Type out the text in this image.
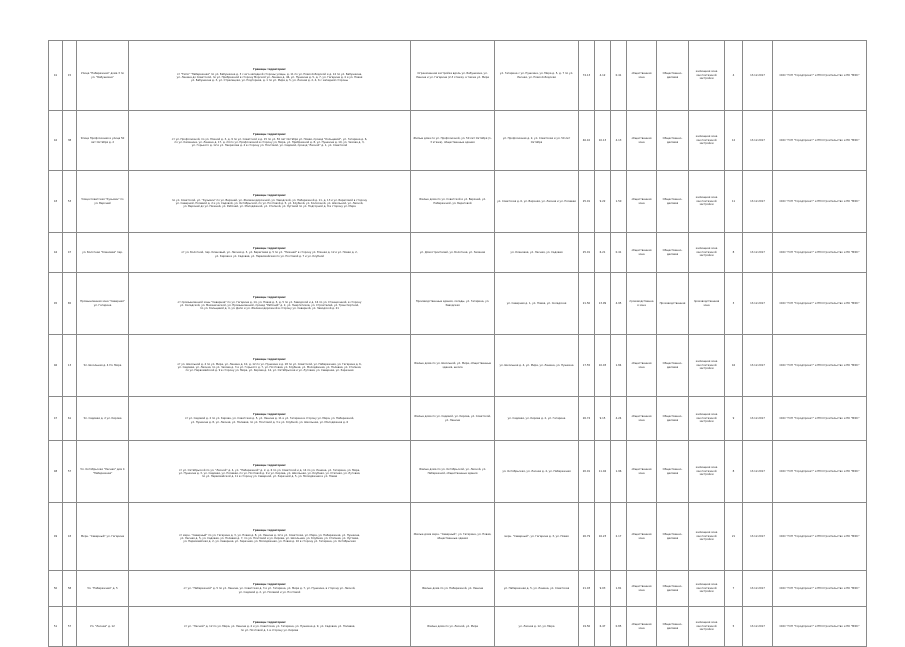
41	15	Улица "Набережная" дома 3 по ул. "Бабушкина"	Границы территории:
от "Типа" "Набережная" по ул. Бабушкина д. 3 с юго-западной стороны улицы, д. 11 по ул. Новослободской и д. 14 по ул. Бабушкина,
ул. Ленина до Советской, по ул. Прибрежной в сторону Морской ул. Ленина д. 46, ул. Пушкина д. 5, д. 7, ул. Гагарина д. 4 и ул. Новая
ул. Бабушкина д. 3, ул. Стрелецкая, ул. Подгорная, д. 1 по ул. Мира д. 5, ул. Лесная д. 2, 4, 6 с западной стороны	Ограниченная застройка вдоль ул. Бабушкина, ул. Ленина и ул. Гагарина (2-3 этажа), а также ул. Мира	ул. Гагарина с ул. Пушкина, ул. Мира д. 5, д. 7 по ул. Лесная, ул. Новослободская	74.13	4.12	0.41	общественная зона	Общественно-деловая	жилищная зона многоэтажной застройки	4	13.12.2017	ООО "ГСП "Городпроект" и ПМ Строительство и ПК "МФС"
42	38	Улица Профсоюзная и улица 50 лет Октября д. 2	Границы территории:
от ул. Профсоюзной, по ул. Южной д. 3, д. 9 по ул. Советской и д. 15 по ул. 50 лет Октября ул. Новая, проезд "Кольцевой", ул. Гагарина д. 6,
по ул. Калинина, ул. Ленина д. 17, д. 24 по ул. Профсоюзной в сторону ул. Мира, ул. Прибрежной д. 8, ул. Пушкина д. 10, ул. Чехова д. 3,
ул. Горького д. 12 и ул. Некрасова д. 4 в сторону ул. Почтовой, ул. Садовой, проезд "Лесной" д. 1, ул. Советской	Жилые дома по ул. Профсоюзной, ул. 50 лет Октября (1-3 этажа), общественные здания	ул. Профсоюзная д. 2, ул. Советская и ул. 50 лет Октября	46.10	10.13	4.13	общественная зона	Общественно-деловая	жилищная зона многоэтажной застройки	12	13.12.2017	ООО "ГСП "Городпроект" и ПМ Строительство и ПК "МФС"
43	53	Улица Советская "Кузьмин" по ул. Верхней	Границы территории:
по ул. Советской, ул. "Кузьмин" по ул. Верхней, ул. Железнодорожной, ул. Заводской, ул. Набережной д. 11, д. 13 и ул. Береговой в сторону
ул. Северной, Полевой д. 2 и ул. Садовой, ул. Октябрьской, по ул. Почтовой д. 5, ул. Клубной, ул. Колхозной, ул. Школьной, ул. Лесной,
ул. Верхней до ул. Нижней, ул. Рабочей, ул. Молодёжной, ул. Степной, ул. Луговой по ул. Подгорной д. 8 в сторону ул. Мира	Жилые дома по ул. Советской и ул. Верхней, ул. Набережной, ул. Береговой	ул. Советская д. 6, ул. Верхняя, ул. Лесная и ул. Полевая	25.01	9.22	1.50	общественная зона	Общественно-деловая	жилищная зона многоэтажной застройки	11	13.12.2017	ООО "ГСП "Городпроект" и ПМ Строительство и ПК "МФС"
44	47	ул. Болотная "Кленовая" пер.	Границы территории:
от ул. Болотной, пер. Кленовый, ул. Лесная д. 3, ул. Береговая д. 5 по ул. "Нижней" в сторону ул. Южная д. 12 и ул. Новая д. 2,
ул. Кирова и ул. Садовая, ул. Первомайская по ул. Почтовой д. 7 и ул. Клубной	ул. Домостроителей, ул. Болотная, ул. Зеленая	ул. Кленовая, ул. Лесная, ул. Садовая	25.01	6.21	0.41	общественная зона	Общественно-деловая	жилищная зона многоэтажной застройки	8	13.12.2017	ООО "ГСП "Городпроект" и ПМ Строительство и ПК "МФС"
45	65	Промышленная зона "Северная" ул. Гагарина	Границы территории:
от промышленной зоны "Северная" по ул. Гагарина д. 14, ул. Новая д. 3, д. 5 по ул. Заводской и д. 16 по ул. Станционной, в сторону
ул. Складской, ул. Механической, ул. Промышленной, проезд "Рабочий" д. 2, ул. Энергетиков, ул. Строителей, ул. Транспортной,
по ул. Кольцевой д. 4, ул. Депо и ул. Железнодорожной в сторону ул. Северной, ул. Заводской д. 21	Производственные здания, склады, ул. Гагарина, ул. Заводская	ул. Северная д. 1, ул. Новая, ул. Складская	21.50	13.99	4.95	производственная зона	Производственная	производственная зона	3	13.12.2017	ООО "ГСП "Городпроект" и ПМ Строительство и ПК "МФС"
46	13	Ул. Школьная д. 4 Ул. Мира	Границы территории:
от ул. Школьной д. 4 по ул. Мира, ул. Ленина д. 10, д. 12 по ул. Пушкина и д. 18 по ул. Советской, ул. Набережная, ул. Гагарина д. 6,
ул. Садовая, ул. Лесная, по ул. Чехова д. 3 и ул. Горького д. 7, ул. Почтовая, ул. Клубная, ул. Молодёжная, ул. Полевая, ул. Степная,
по ул. Первомайской д. 9 в сторону ул. Мира, ул. Кирова д. 14, ул. Октябрьская и ул. Луговая, ул. Северная, ул. Заречная	Жилые дома по ул. Школьной, ул. Мира, общественные здания, школа	ул. Школьная д. 4, ул. Мира, ул. Ленина, ул. Пушкина	17.55	10.03	1.84	общественная зона	Общественно-деловая	жилищная зона многоэтажной застройки	16	13.12.2017	ООО "ГСП "Городпроект" и ПМ Строительство и ПК "МФС"
47	61	Ул. Садовая д. 2 ул. Кирова	Границы территории:
от ул. Садовой д. 2 по ул. Кирова, ул. Советская д. 5, ул. Ленина д. 11 и ул. Гагарина в сторону ул. Мира, ул. Набережной,
ул. Пушкина д. 8, ул. Лесная, ул. Полевая, по ул. Почтовой д. 3 и ул. Клубной, ул. Школьная, ул. Молодёжная д. 6	Жилые дома по ул. Садовой, ул. Кирова, ул. Советской, ул. Ленина	ул. Садовая, ул. Кирова д. 2, ул. Гагарина	26.74	9.15	4.24	общественная зона	Общественно-деловая	жилищная зона многоэтажной застройки	9	13.12.2017	ООО "ГСП "Городпроект" и ПМ Строительство и ПК "МФС"
48	57	Ул. Октябрьская "Лесная" дом 4 "Набережная"	Границы территории:
от ул. Октябрьской по ул. "Лесной" д. 4, ул. "Набережной" д. 2, д. 6 по ул. Советской и д. 14 по ул. Ленина, ул. Гагарина, ул. Мира,
ул. Пушкина д. 3, ул. Садовая, ул. Полевая, по ул. Почтовой д. 9 и ул. Кирова, ул. Школьная, ул. Клубная, ул. Степная, ул. Луговая,
по ул. Первомайской д. 11 в сторону ул. Северной, ул. Заречной д. 5, ул. Молодёжная и ул. Новая	Жилые дома по ул. Октябрьской, ул. Лесной, ул. Набережной, общественные здания	ул. Октябрьская, ул. Лесная д. 4, ул. Набережная	20.01	11.04	1.96	общественная зона	Общественно-деловая	жилищная зона многоэтажной застройки	8	13.12.2017	ООО "ГСП "Городпроект" и ПМ Строительство и ПК "МФС"
49	43	Мкрн. "Северный" ул. Гагарина	Границы территории:
от мкрн. "Северный" по ул. Гагарина д. 3, ул. Новая д. 8, ул. Ленина д. 12 и ул. Советская, ул. Мира, ул. Набережная, ул. Пушкина,
ул. Лесная д. 5, ул. Садовая, ул. Полевая д. 7, по ул. Почтовой и ул. Кирова, ул. Школьная, ул. Клубная, ул. Степная, ул. Луговая,
ул. Первомайская д. 2, ул. Северная, ул. Заречная, ул. Молодёжная, ул. Новая д. 10 в сторону ул. Гагарина, ул. Октябрьская	Жилые дома мкрн. "Северный", ул. Гагарина, ул. Новая, общественные здания	мкрн. "Северный", ул. Гагарина д. 3, ул. Новая	26.79	16.23	2.17	общественная зона	Общественно-деловая	жилищная зона многоэтажной застройки	21	13.12.2017	ООО "ГСП "Городпроект" и ПМ Строительство и ПК "МФС"
50	58	Ул. "Набережная" д. 5	Границы территории:
от ул. "Набережной" д. 5 по ул. Ленина, ул. Советская д. 3 и ул. Гагарина, ул. Мира д. 7, ул. Пушкина, в сторону ул. Лесной,
ул. Садовой д. 2, ул. Полевой и ул. Почтовой	Жилые дома по ул. Набережной, ул. Ленина	ул. Набережная д. 5, ул. Ленина, ул. Советская	21.03	9.03	1.81	общественная зона	Общественно-деловая	жилищная зона многоэтажной застройки	7	13.12.2017	ООО "ГСП "Городпроект" и ПМ Строительство и ПК "МФС"
51	57	Ул. "Лесная" д. 12	Границы территории:
от ул. "Лесной" д. 12 по ул. Мира, ул. Ленина д. 4 и ул. Советская, ул. Гагарина, ул. Пушкина д. 9, ул. Садовая, ул. Полевая,
по ул. Почтовой д. 1 в сторону ул. Кирова	Жилые дома по ул. Лесной, ул. Мира	ул. Лесная д. 12, ул. Мира	19.50	6.47	0.85	общественная зона	Общественно-деловая	жилищная зона многоэтажной застройки	5	13.12.2017	ООО "ГСП "Городпроект" и ПМ Строительство и ПК "МФС"
